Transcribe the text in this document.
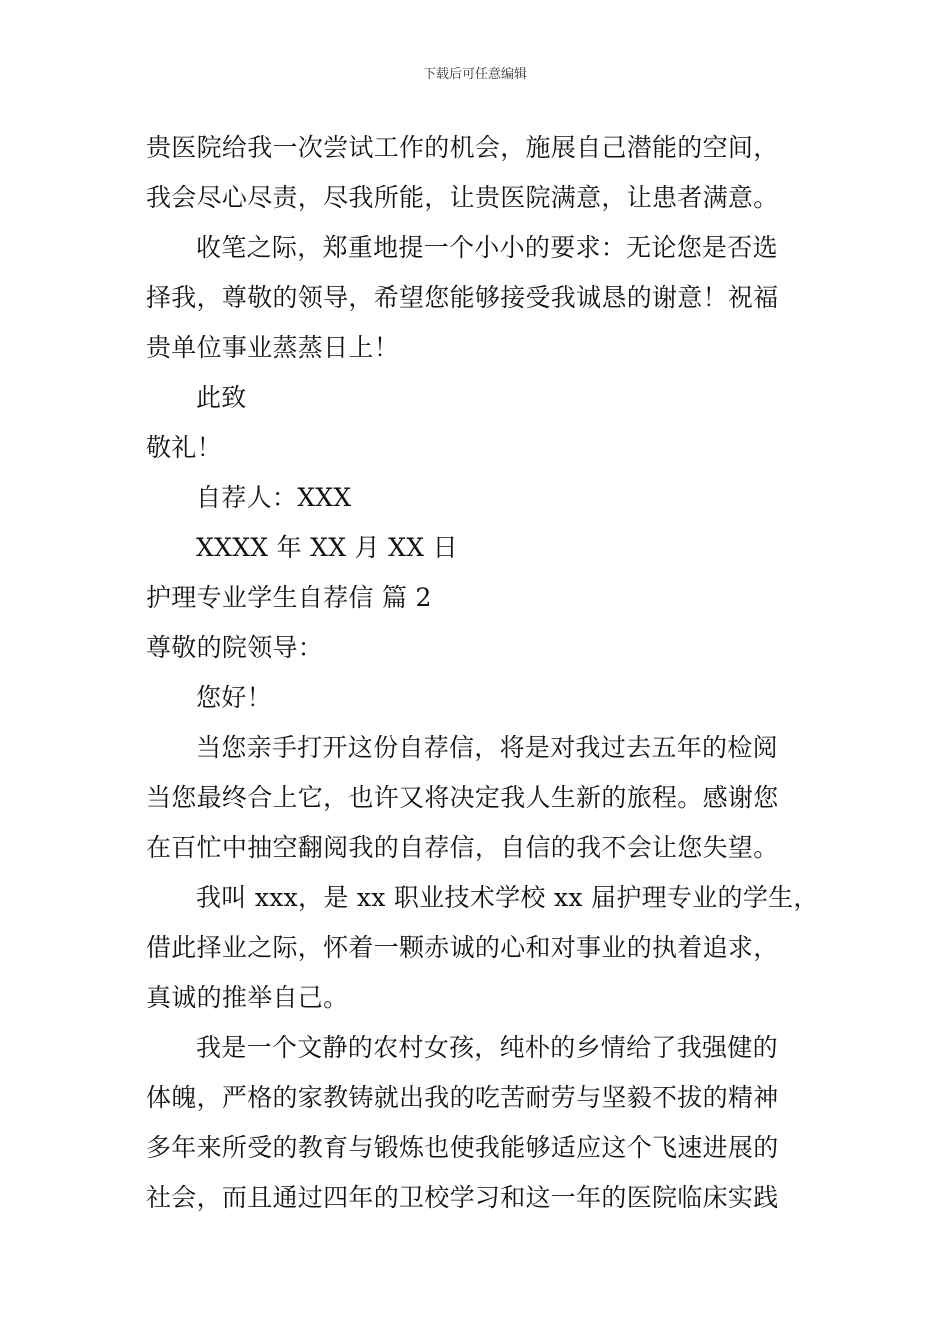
下载后可任意编辑
贵医院给我一次尝试工作的机会，施展自己潜能的空间，
我会尽心尽责，尽我所能，让贵医院满意，让患者满意。
收笔之际，郑重地提一个小小的要求：无论您是否选
择我，尊敬的领导，希望您能够接受我诚恳的谢意！祝福
贵单位事业蒸蒸日上！
此致
敬礼！
自荐人：XXX
XXXX 年 XX 月 XX 日
护理专业学生自荐信 篇 2
尊敬的院领导：
您好！
当您亲手打开这份自荐信，将是对我过去五年的检阅
当您最终合上它，也许又将决定我人生新的旅程。感谢您
在百忙中抽空翻阅我的自荐信，自信的我不会让您失望。
我叫 xxx，是 xx 职业技术学校 xx 届护理专业的学生，
借此择业之际，怀着一颗赤诚的心和对事业的执着追求，
真诚的推举自己。
我是一个文静的农村女孩，纯朴的乡情给了我强健的
体魄，严格的家教铸就出我的吃苦耐劳与坚毅不拔的精神
多年来所受的教育与锻炼也使我能够适应这个飞速进展的
社会，而且通过四年的卫校学习和这一年的医院临床实践
